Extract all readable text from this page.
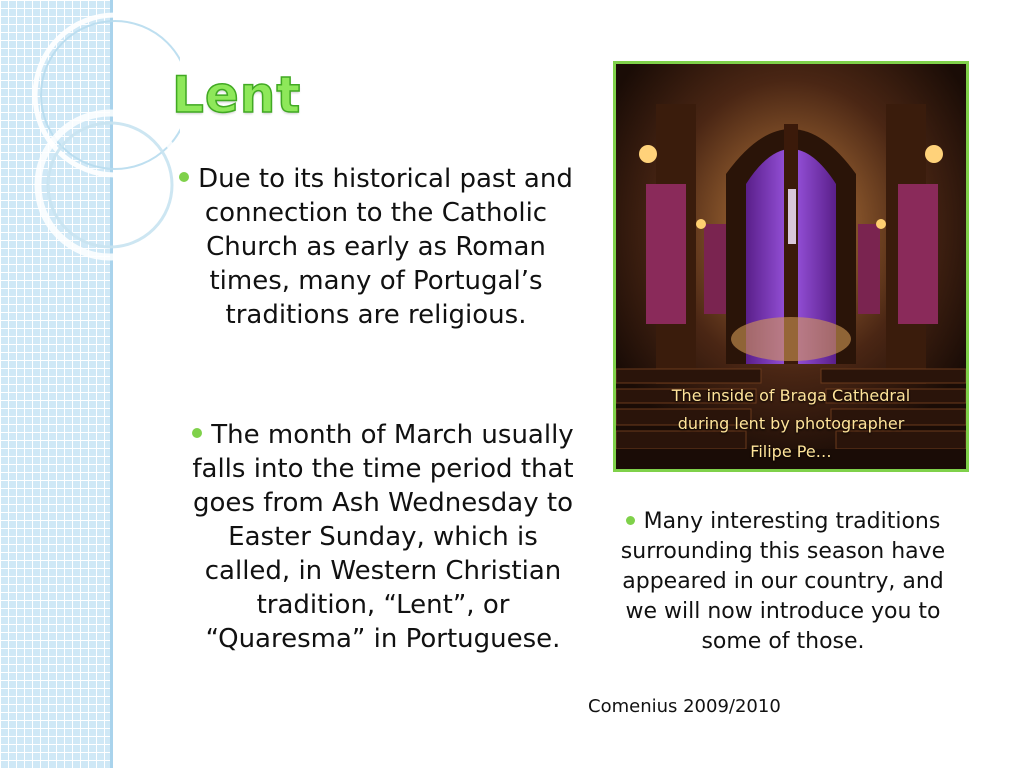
Lent
Due to its historical past and connection to the Catholic Church as early as Roman times, many of Portugal’s traditions are religious.
The month of March usually falls into the time period that goes from Ash Wednesday to Easter Sunday, which is called, in Western Christian tradition, “Lent”, or “Quaresma” in Portuguese.
Many interesting traditions surrounding this season have appeared in our country, and we will now introduce you to some of those.
The inside of Braga Cathedral during lent by photographer Filipe Pe…
Comenius 2009/2010
